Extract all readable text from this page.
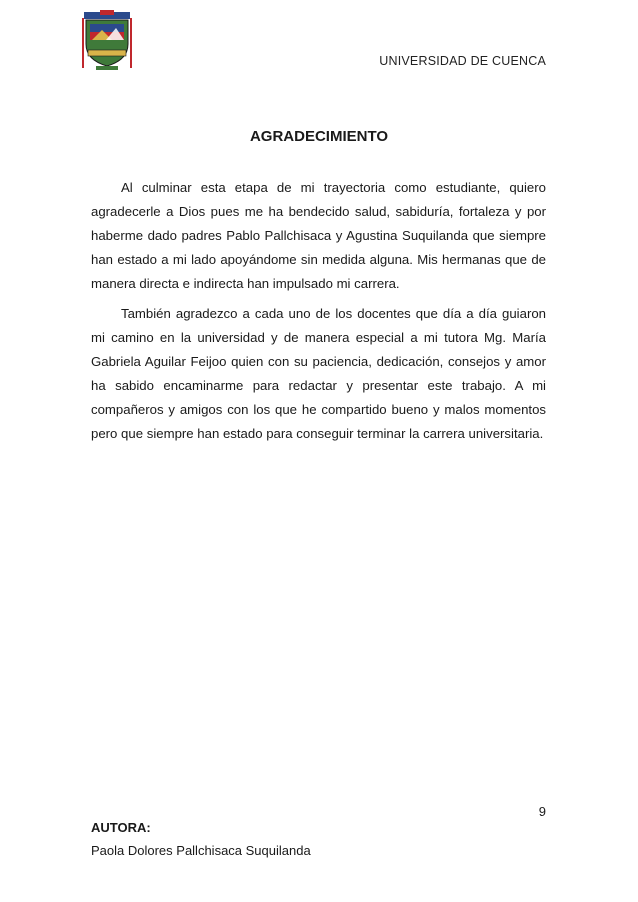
UNIVERSIDAD DE CUENCA
AGRADECIMIENTO

Al culminar esta etapa de mi trayectoria como estudiante, quiero agradecerle a Dios pues me ha bendecido salud, sabiduría, fortaleza y por haberme dado padres Pablo Pallchisaca y Agustina Suquilanda que siempre han estado a mi lado apoyándome sin medida alguna. Mis hermanas que de manera directa e indirecta han impulsado mi carrera.

También agradezco a cada uno de los docentes que día a día guiaron mi camino en la universidad y de manera especial a mi tutora Mg. María Gabriela Aguilar Feijoo quien con su paciencia, dedicación, consejos y amor ha sabido encaminarme para redactar y presentar este trabajo. A mi compañeros y amigos con los que he compartido bueno y malos momentos pero que siempre han estado para conseguir terminar la carrera universitaria.

9
AUTORA:
Paola Dolores Pallchisaca Suquilanda
